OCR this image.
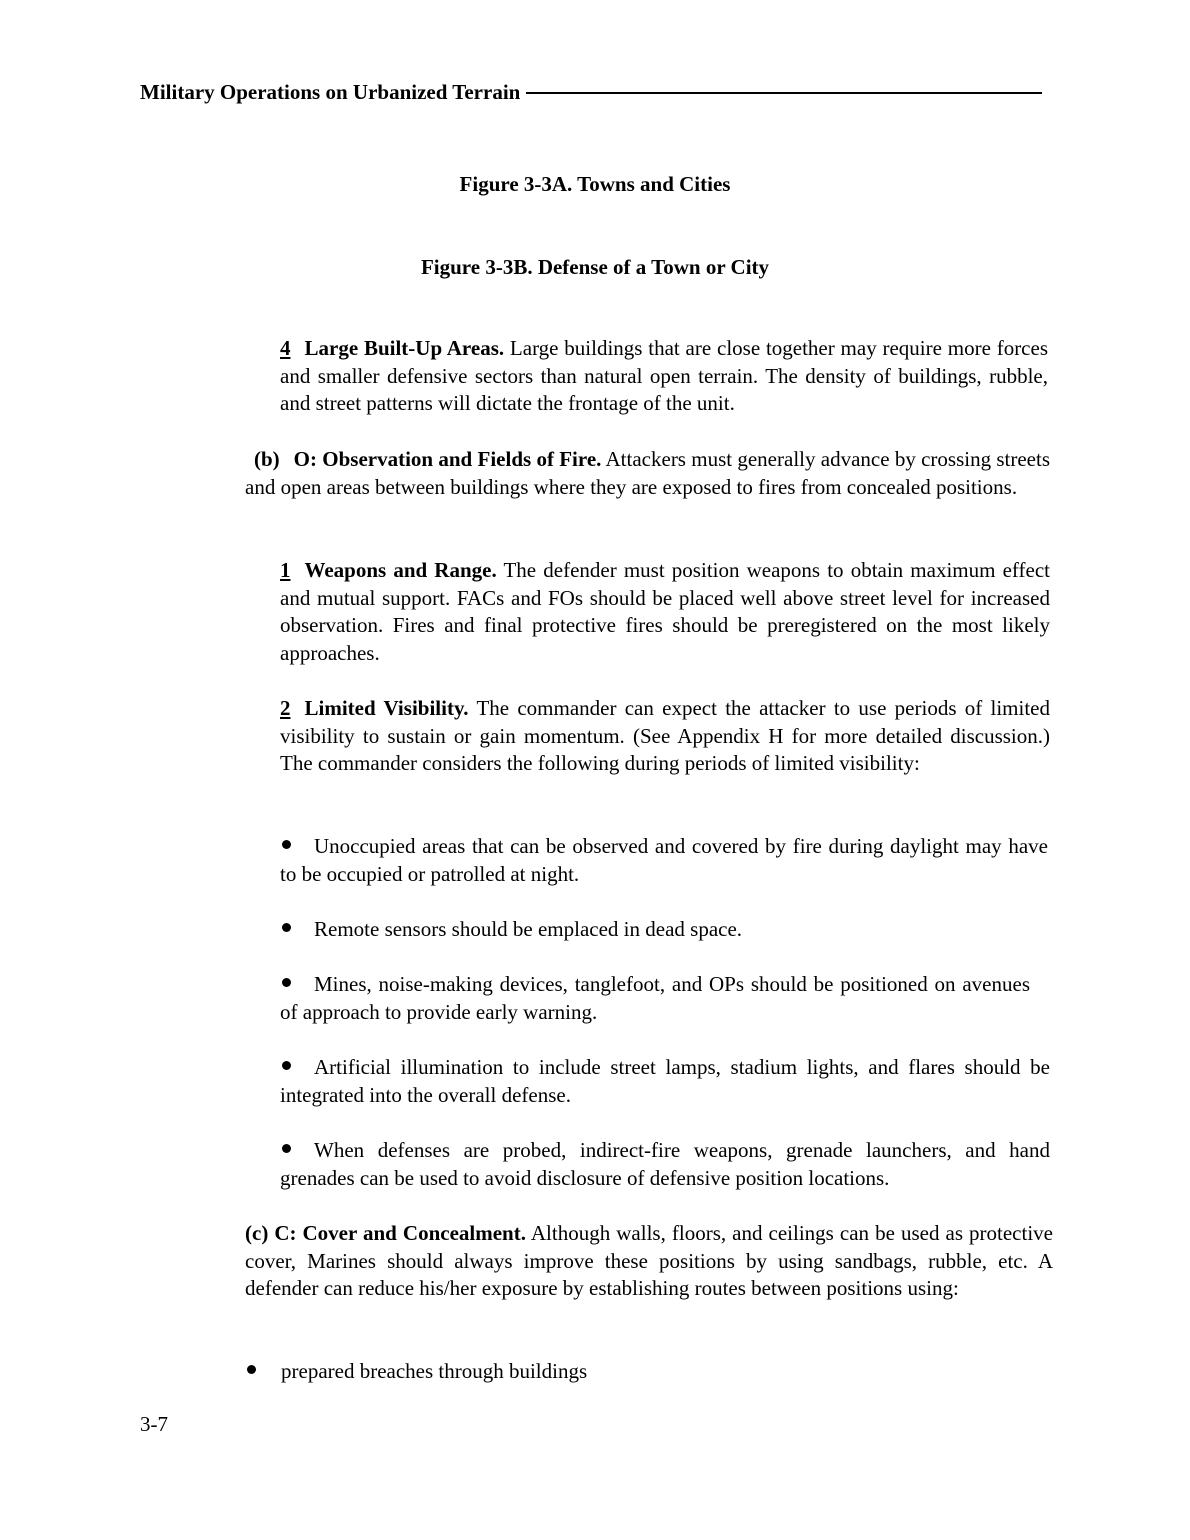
Military Operations on Urbanized Terrain
Figure 3-3A. Towns and Cities
Figure 3-3B. Defense of a Town or City
4 Large Built-Up Areas. Large buildings that are close together may require more forces and smaller defensive sectors than natural open terrain. The density of buildings, rubble, and street patterns will dictate the frontage of the unit.
(b) O: Observation and Fields of Fire. Attackers must generally advance by crossing streets and open areas between buildings where they are exposed to fires from concealed positions.
1 Weapons and Range. The defender must position weapons to obtain maximum effect and mutual support. FACs and FOs should be placed well above street level for increased observation. Fires and final protective fires should be preregistered on the most likely approaches.
2 Limited Visibility. The commander can expect the attacker to use periods of limited visibility to sustain or gain momentum. (See Appendix H for more detailed discussion.) The commander considers the following during periods of limited visibility:
Unoccupied areas that can be observed and covered by fire during daylight may have to be occupied or patrolled at night.
Remote sensors should be emplaced in dead space.
Mines, noise-making devices, tanglefoot, and OPs should be positioned on avenues of approach to provide early warning.
Artificial illumination to include street lamps, stadium lights, and flares should be integrated into the overall defense.
When defenses are probed, indirect-fire weapons, grenade launchers, and hand grenades can be used to avoid disclosure of defensive position locations.
(c) C: Cover and Concealment. Although walls, floors, and ceilings can be used as protective cover, Marines should always improve these positions by using sandbags, rubble, etc. A defender can reduce his/her exposure by establishing routes between positions using:
prepared breaches through buildings
3-7
